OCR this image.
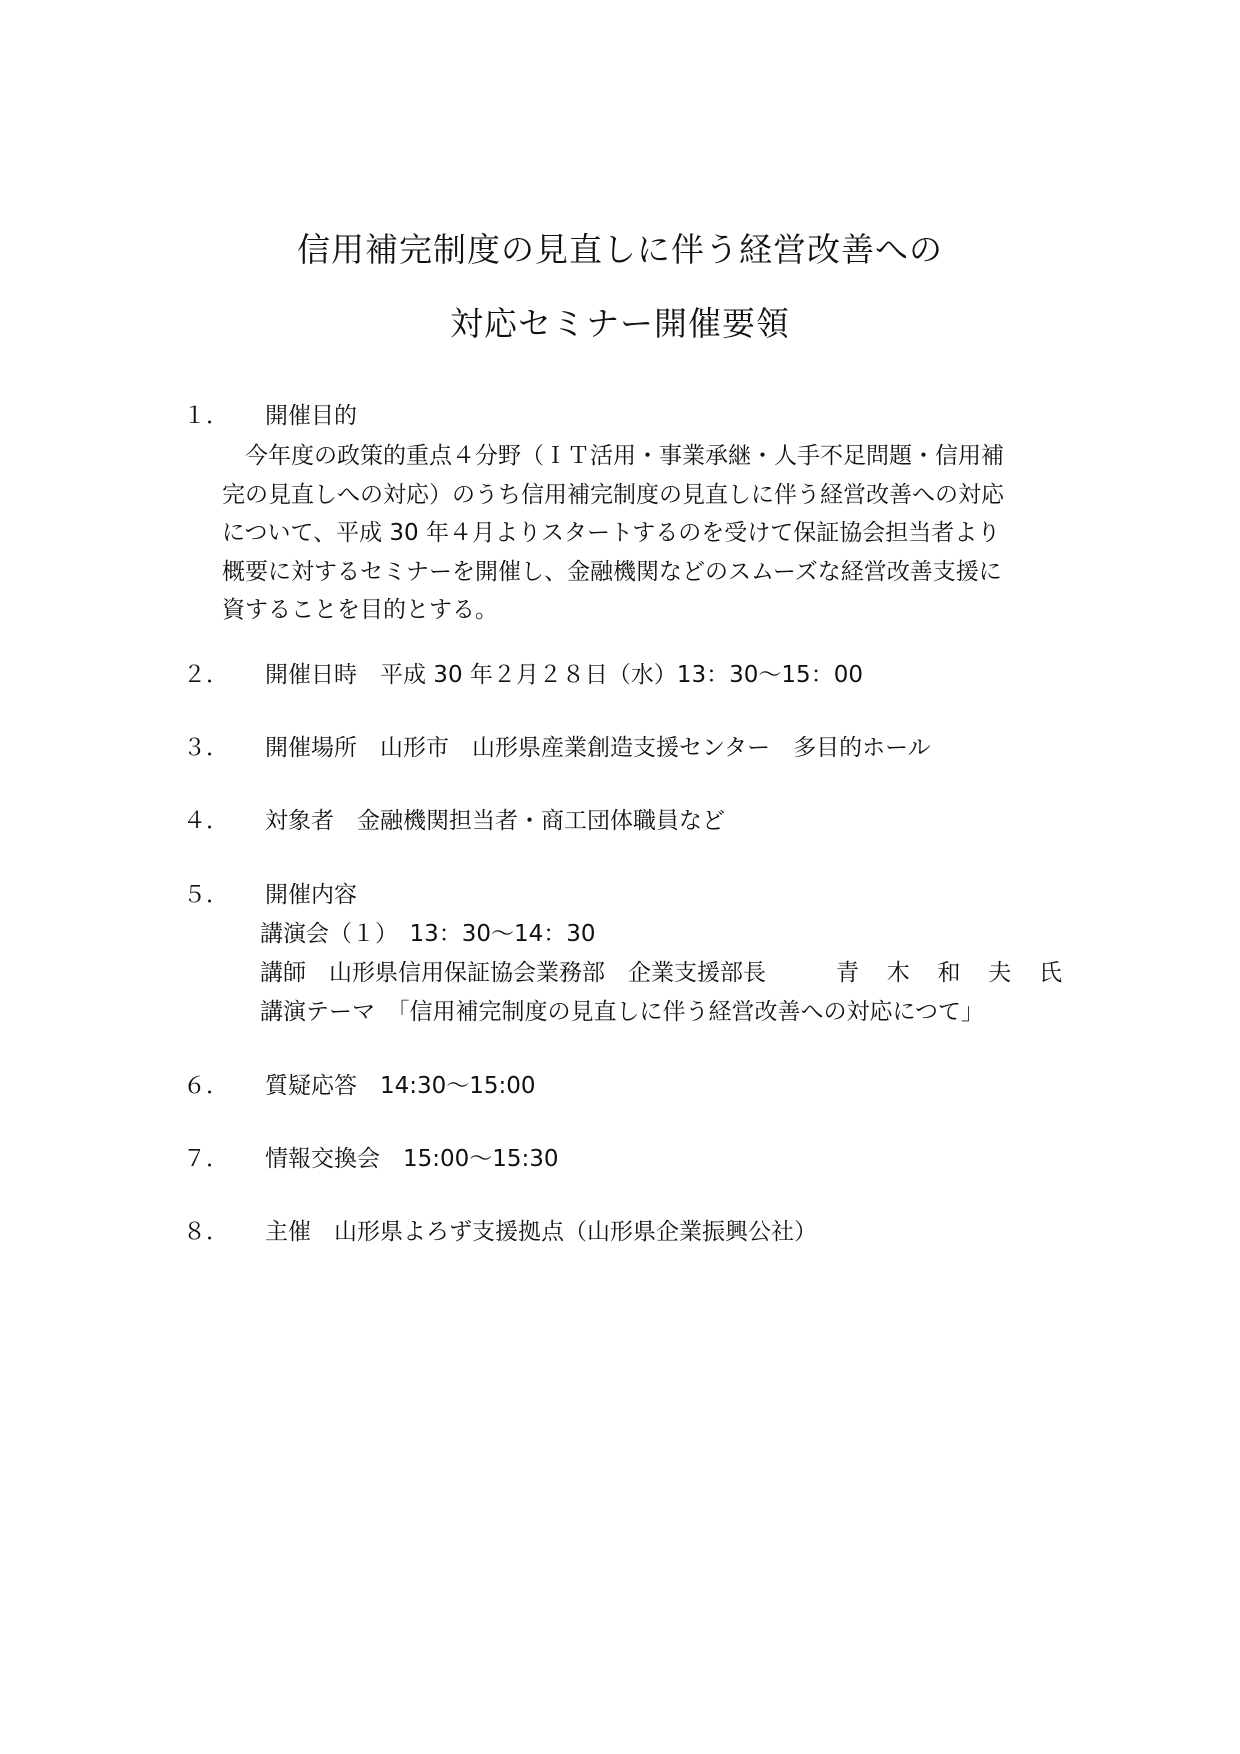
信用補完制度の見直しに伴う経営改善への
対応セミナー開催要領
１． 開催目的
　今年度の政策的重点４分野（ＩＴ活用・事業承継・人手不足問題・信用補
完の見直しへの対応）のうち信用補完制度の見直しに伴う経営改善への対応
について、平成 30 年４月よりスタートするのを受けて保証協会担当者より
概要に対するセミナーを開催し、金融機関などのスムーズな経営改善支援に
資することを目的とする。
２． 開催日時　平成 30 年２月２８日（水）13：30〜15：00
３． 開催場所　山形市　山形県産業創造支援センター　多目的ホール
４． 対象者　金融機関担当者・商工団体職員など
５． 開催内容
講演会（１）　13：30〜14：30
講師　山形県信用保証協会業務部　企業支援部長	青 木 和 夫 氏
講演テーマ　「信用補完制度の見直しに伴う経営改善への対応につて」
６． 質疑応答　14:30〜15:00
７． 情報交換会　15:00〜15:30
８． 主催　山形県よろず支援拠点（山形県企業振興公社）
